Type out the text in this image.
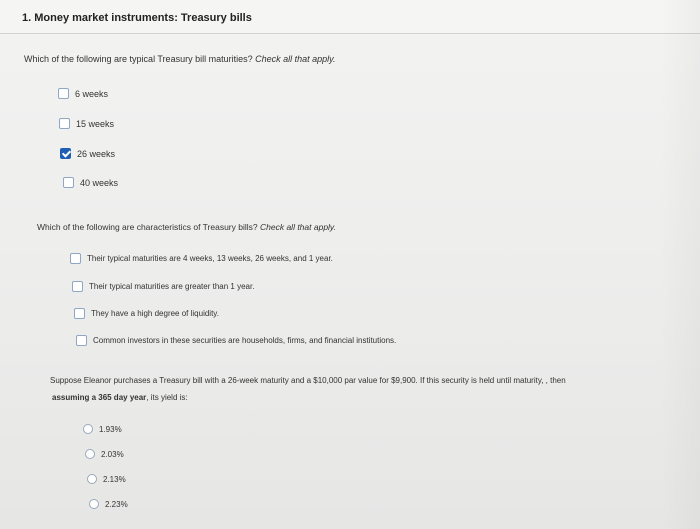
1. Money market instruments: Treasury bills
Which of the following are typical Treasury bill maturities? Check all that apply.
6 weeks
15 weeks
26 weeks
40 weeks
Which of the following are characteristics of Treasury bills? Check all that apply.
Their typical maturities are 4 weeks, 13 weeks, 26 weeks, and 1 year.
Their typical maturities are greater than 1 year.
They have a high degree of liquidity.
Common investors in these securities are households, firms, and financial institutions.
Suppose Eleanor purchases a Treasury bill with a 26-week maturity and a $10,000 par value for $9,900. If this security is held until maturity, , then
assuming a 365 day year, its yield is:
1.93%
2.03%
2.13%
2.23%
